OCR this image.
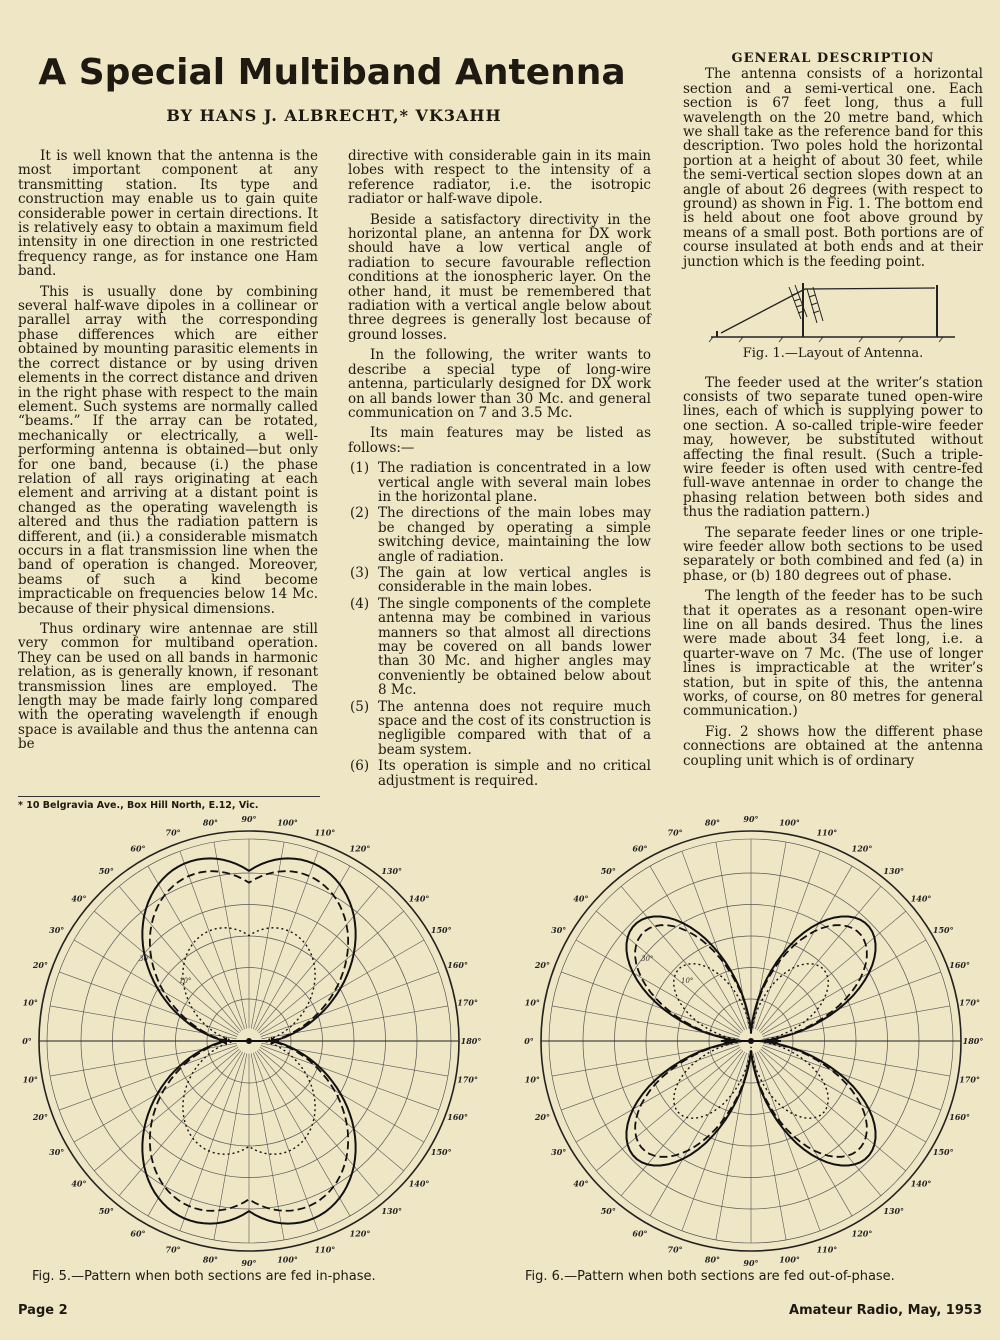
A Special Multiband Antenna
BY HANS J. ALBRECHT,* VK3AHH

It is well known that the antenna is the most important component at any transmitting station. Its type and construction may enable us to gain quite considerable power in certain directions. It is relatively easy to obtain a maximum field intensity in one direction in one restricted frequency range, as for instance one Ham band.

This is usually done by combining several half-wave dipoles in a collinear or parallel array with the corresponding phase differences which are either obtained by mounting parasitic elements in the correct distance or by using driven elements in the correct distance and driven in the right phase with respect to the main element. Such systems are normally called “beams.” If the array can be rotated, mechanically or electrically, a well-performing antenna is obtained—but only for one band, because (i.) the phase relation of all rays originating at each element and arriving at a distant point is changed as the operating wavelength is altered and thus the radiation pattern is different, and (ii.) a considerable mismatch occurs in a flat transmission line when the band of operation is changed. Moreover, beams of such a kind become impracticable on frequencies below 14 Mc. because of their physical dimensions.

Thus ordinary wire antennae are still very common for multiband operation. They can be used on all bands in harmonic relation, as is generally known, if resonant transmission lines are employed. The length may be made fairly long compared with the operating wavelength if enough space is available and thus the antenna can be

* 10 Belgravia Ave., Box Hill North, E.12, Vic.

directive with considerable gain in its main lobes with respect to the intensity of a reference radiator, i.e. the isotropic radiator or half-wave dipole.

Beside a satisfactory directivity in the horizontal plane, an antenna for DX work should have a low vertical angle of radiation to secure favourable reflection conditions at the ionospheric layer. On the other hand, it must be remembered that radiation with a vertical angle below about three degrees is generally lost because of ground losses.

In the following, the writer wants to describe a special type of long-wire antenna, particularly designed for DX work on all bands lower than 30 Mc. and general communication on 7 and 3.5 Mc.

Its main features may be listed as follows:—

(1) The radiation is concentrated in a low vertical angle with several main lobes in the horizontal plane.
(2) The directions of the main lobes may be changed by operating a simple switching device, maintaining the low angle of radiation.
(3) The gain at low vertical angles is considerable in the main lobes.
(4) The single components of the complete antenna may be combined in various manners so that almost all directions may be covered on all bands lower than 30 Mc. and higher angles may conveniently be obtained below about 8 Mc.
(5) The antenna does not require much space and the cost of its construction is negligible compared with that of a beam system.
(6) Its operation is simple and no critical adjustment is required.
GENERAL DESCRIPTION

The antenna consists of a horizontal section and a semi-vertical one. Each section is 67 feet long, thus a full wavelength on the 20 metre band, which we shall take as the reference band for this description. Two poles hold the horizontal portion at a height of about 30 feet, while the semi-vertical section slopes down at an angle of about 26 degrees (with respect to ground) as shown in Fig. 1. The bottom end is held about one foot above ground by means of a small post. Both portions are of course insulated at both ends and at their junction which is the feeding point.

Fig. 1.—Layout of Antenna.

The feeder used at the writer’s station consists of two separate tuned open-wire lines, each of which is supplying power to one section. A so-called triple-wire feeder may, however, be substituted without affecting the final result. (Such a triple-wire feeder is often used with centre-fed full-wave antennae in order to change the phasing relation between both sides and thus the radiation pattern.)

The separate feeder lines or one triple-wire feeder allow both sections to be used separately or both combined and fed (a) in phase, or (b) 180 degrees out of phase.

The length of the feeder has to be such that it operates as a resonant open-wire line on all bands desired. Thus the lines were made about 34 feet long, i.e. a quarter-wave on 7 Mc. (The use of longer lines is impracticable at the writer’s station, but in spite of this, the antenna works, of course, on 80 metres for general communication.)

Fig. 2 shows how the different phase connections are obtained at the antenna coupling unit which is of ordinary

0°
10°
10°
20°
20°
30°
30°
40°
40°
50°
50°
60°
60°
70°
70°
80°
80°
90°
90°
100°
100°
110°
110°
120°
120°
130°
130°
140°
140°
150°
150°
160°
160°
170°
170°
180°
30°
10°
0°
10°
10°
20°
20°
30°
30°
40°
40°
50°
50°
60°
60°
70°
70°
80°
80°
90°
90°
100°
100°
110°
110°
120°
120°
130°
130°
140°
140°
150°
150°
160°
160°
170°
170°
180°
30°
10°
Fig. 5.—Pattern when both sections are fed in-phase.	Fig. 6.—Pattern when both sections are fed out-of-phase.
Page 2	Amateur Radio, May, 1953
